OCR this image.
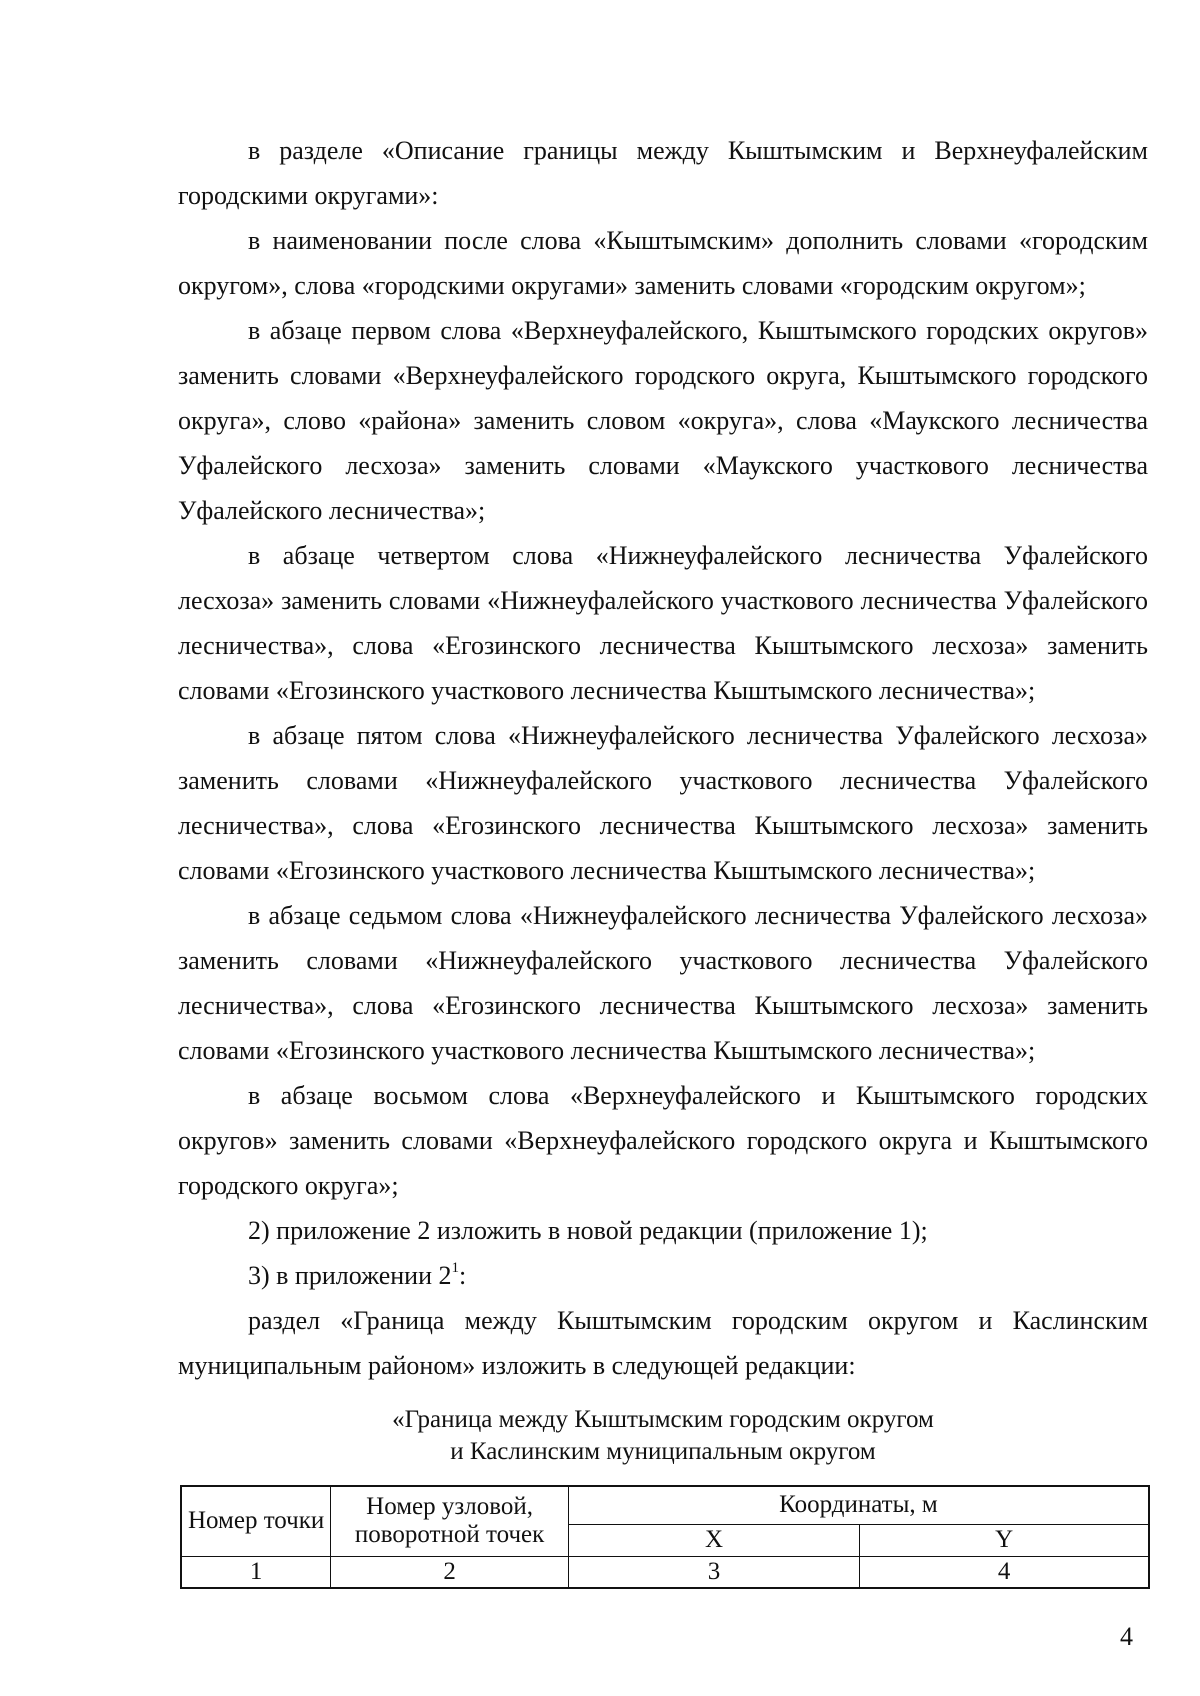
в разделе «Описание границы между Кыштымским и Верхнеуфалейским городскими округами»:

в наименовании после слова «Кыштымским» дополнить словами «городским округом», слова «городскими округами» заменить словами «городским округом»;

в абзаце первом слова «Верхнеуфалейского, Кыштымского городских округов» заменить словами «Верхнеуфалейского городского округа, Кыштымского городского округа», слово «района» заменить словом «округа», слова «Маукского лесничества Уфалейского лесхоза» заменить словами «Маукского участкового лесничества Уфалейского лесничества»;

в абзаце четвертом слова «Нижнеуфалейского лесничества Уфалейского лесхоза» заменить словами «Нижнеуфалейского участкового лесничества Уфалейского лесничества», слова «Егозинского лесничества Кыштымского лесхоза» заменить словами «Егозинского участкового лесничества Кыштымского лесничества»;

в абзаце пятом слова «Нижнеуфалейского лесничества Уфалейского лесхоза» заменить словами «Нижнеуфалейского участкового лесничества Уфалейского лесничества», слова «Егозинского лесничества Кыштымского лесхоза» заменить словами «Егозинского участкового лесничества Кыштымского лесничества»;

в абзаце седьмом слова «Нижнеуфалейского лесничества Уфалейского лесхоза» заменить словами «Нижнеуфалейского участкового лесничества Уфалейского лесничества», слова «Егозинского лесничества Кыштымского лесхоза» заменить словами «Егозинского участкового лесничества Кыштымского лесничества»;

в абзаце восьмом слова «Верхнеуфалейского и Кыштымского городских округов» заменить словами «Верхнеуфалейского городского округа и Кыштымского городского округа»;

2) приложение 2 изложить в новой редакции (приложение 1);

3) в приложении $2^1$:

раздел «Граница между Кыштымским городским округом и Каслинским муниципальным районом» изложить в следующей редакции:

«Граница между Кыштымским городским округом
и Каслинским муниципальным округом
Номер точки	Номер узловой, поворотной точек	Координаты, м	
		X	Y
1	2	3	4
4
